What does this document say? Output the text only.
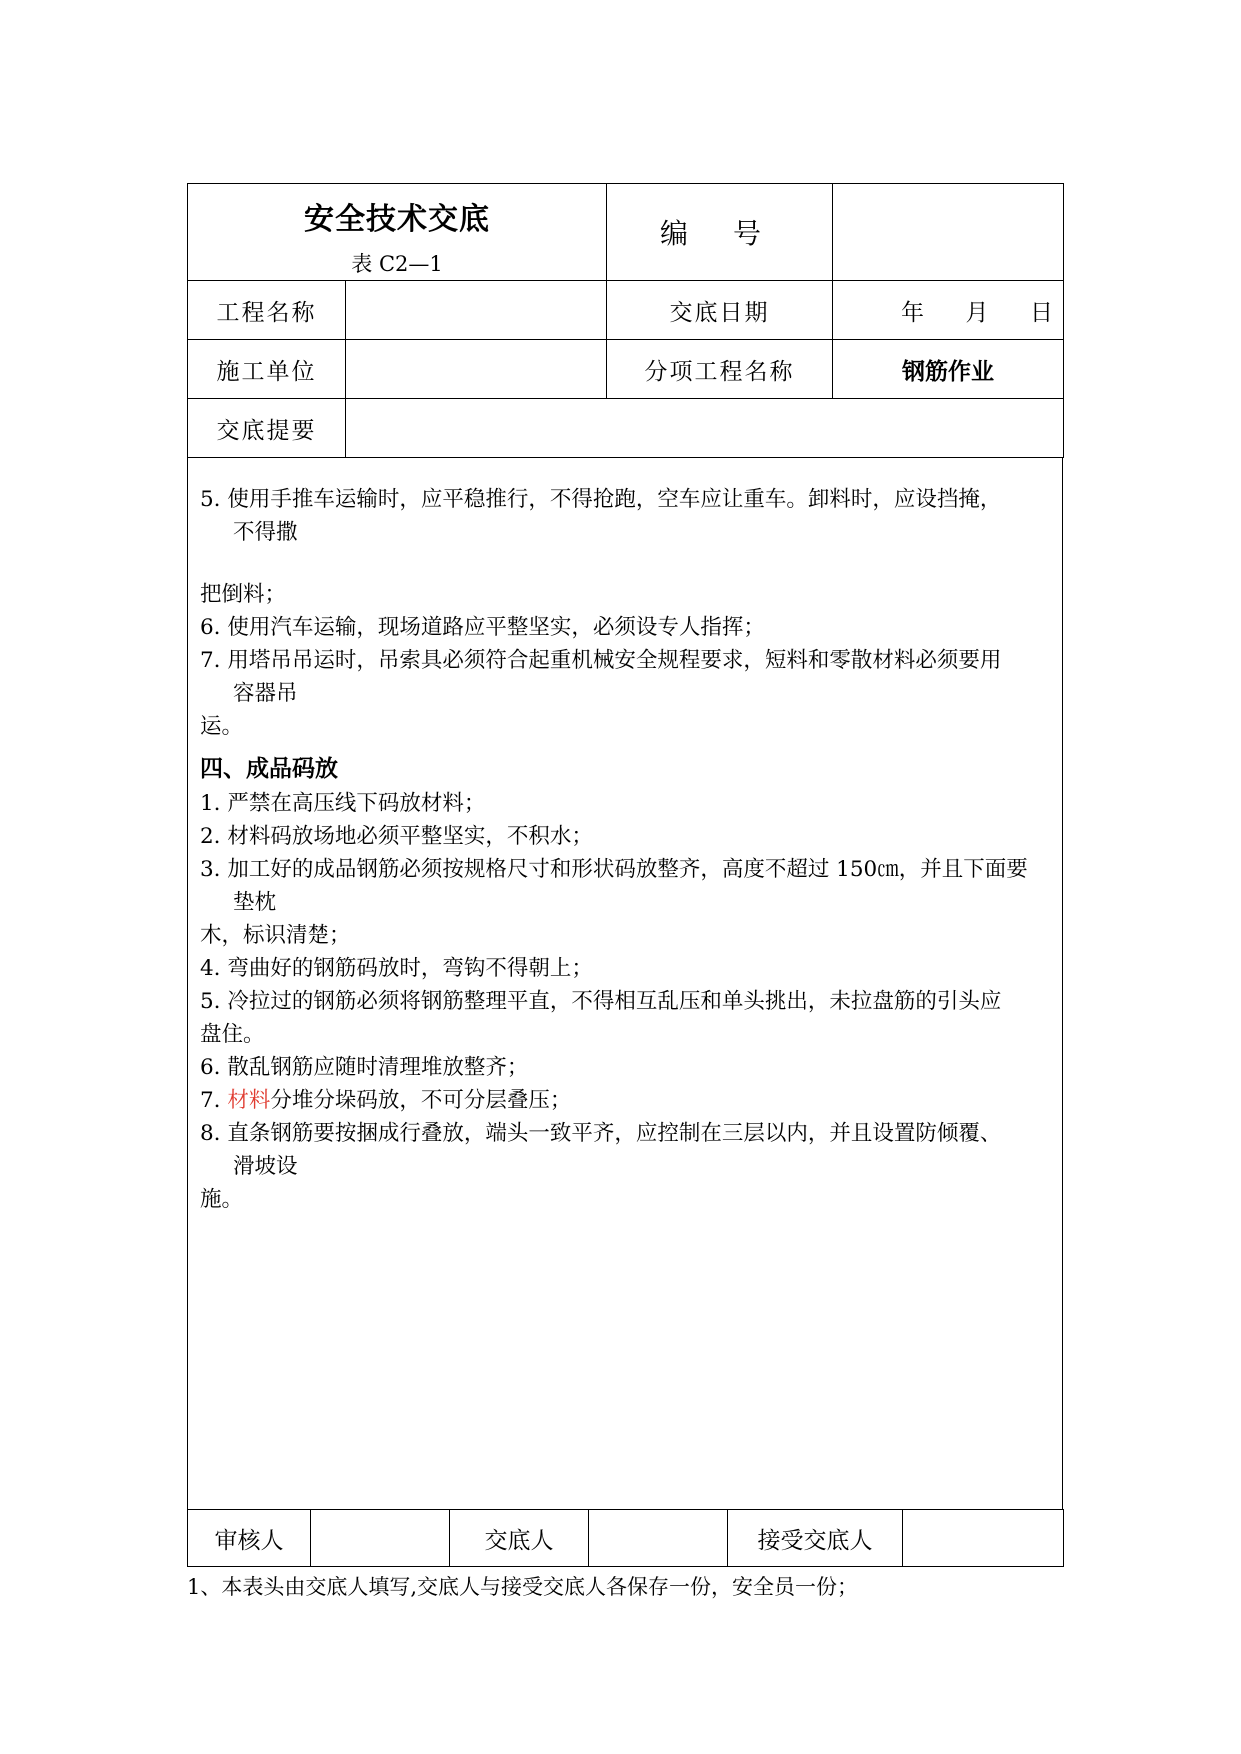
安全技术交底
表 C2—1		编 号	
工程名称		交底日期	年 月 日

施工单位		分项工程名称	钢筋作业
交底提要			

5. 使用手推车运输时，应平稳推行，不得抢跑，空车应让重车。卸料时，应设挡掩，

不得撒

把倒料；

6. 使用汽车运输，现场道路应平整坚实，必须设专人指挥；

7. 用塔吊吊运时，吊索具必须符合起重机械安全规程要求，短料和零散材料必须要用

容器吊

运。

四、成品码放

1. 严禁在高压线下码放材料；

2. 材料码放场地必须平整坚实，不积水；

3. 加工好的成品钢筋必须按规格尺寸和形状码放整齐，高度不超过 150㎝，并且下面要

垫枕

木，标识清楚；

4. 弯曲好的钢筋码放时，弯钩不得朝上；

5. 冷拉过的钢筋必须将钢筋整理平直，不得相互乱压和单头挑出，未拉盘筋的引头应

盘住。

6. 散乱钢筋应随时清理堆放整齐；

7. 材料分堆分垛码放，不可分层叠压；

8. 直条钢筋要按捆成行叠放，端头一致平齐，应控制在三层以内，并且设置防倾覆、

滑坡设

施。

审核人		交底人		接受交底人	
1、本表头由交底人填写,交底人与接受交底人各保存一份，安全员一份；
